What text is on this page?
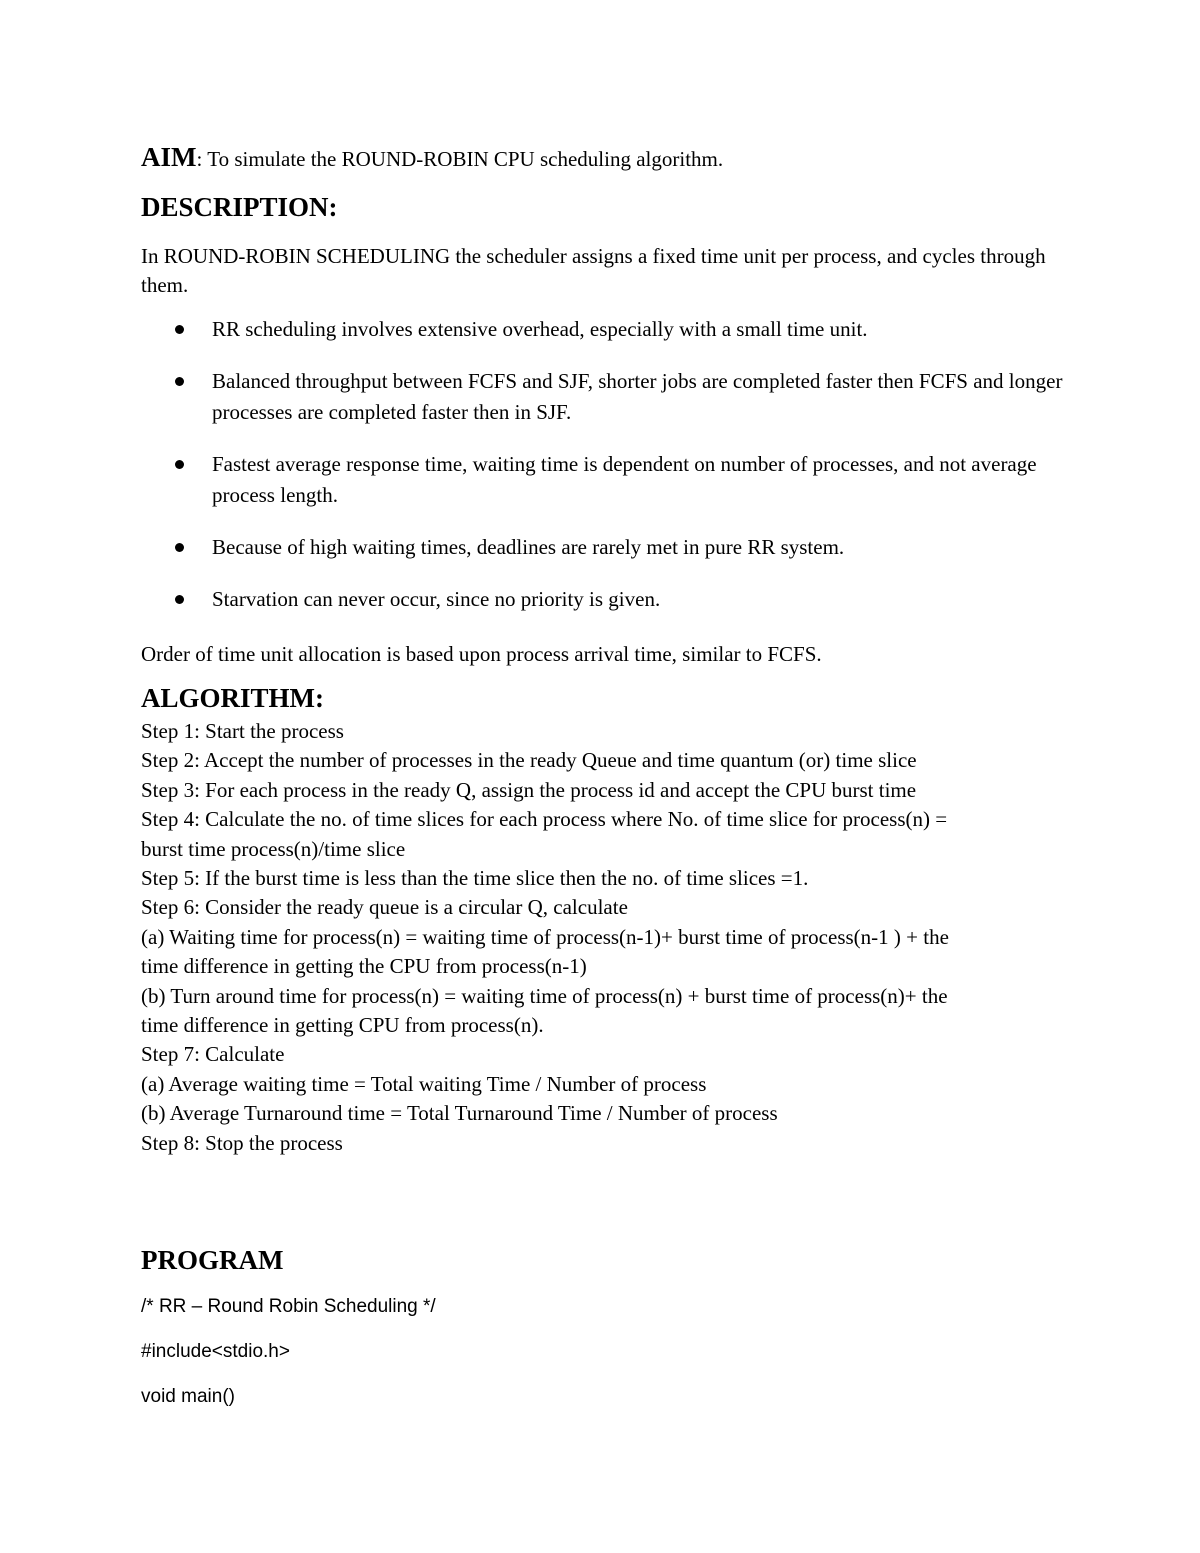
AIM: To simulate the ROUND-ROBIN CPU scheduling algorithm.
DESCRIPTION:
In ROUND-ROBIN SCHEDULING the scheduler assigns a fixed time unit per process, and cycles through them.
RR scheduling involves extensive overhead, especially with a small time unit.
Balanced throughput between FCFS and SJF, shorter jobs are completed faster then FCFS and longer processes are completed faster then in SJF.
Fastest average response time, waiting time is dependent on number of processes, and not average process length.
Because of high waiting times, deadlines are rarely met in pure RR system.
Starvation can never occur, since no priority is given.
Order of time unit allocation is based upon process arrival time, similar to FCFS.
ALGORITHM:
Step 1: Start the process
Step 2: Accept the number of processes in the ready Queue and time quantum (or) time slice
Step 3: For each process in the ready Q, assign the process id and accept the CPU burst time
Step 4: Calculate the no. of time slices for each process where No. of time slice for process(n) =
burst time process(n)/time slice
Step 5: If the burst time is less than the time slice then the no. of time slices =1.
Step 6: Consider the ready queue is a circular Q, calculate
(a) Waiting time for process(n) = waiting time of process(n-1)+ burst time of process(n-1 ) + the
time difference in getting the CPU from process(n-1)
(b) Turn around time for process(n) = waiting time of process(n) + burst time of process(n)+ the
time difference in getting CPU from process(n).
Step 7: Calculate
(a) Average waiting time = Total waiting Time / Number of process
(b) Average Turnaround time = Total Turnaround Time / Number of process
Step 8: Stop the process
PROGRAM
/* RR – Round Robin Scheduling */
#include<stdio.h>
void main()
